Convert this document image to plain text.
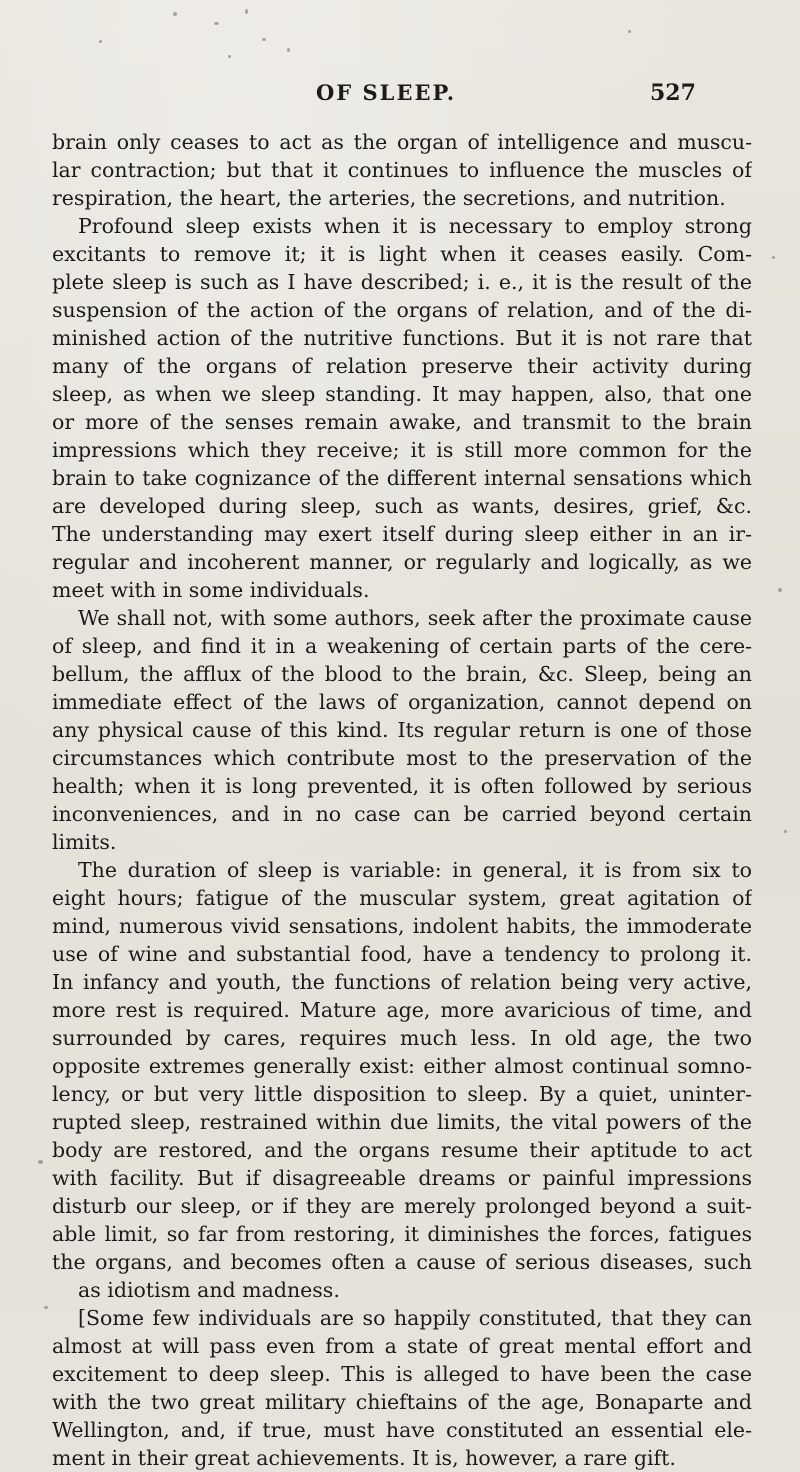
OF SLEEP.	527
brain only ceases to act as the organ of intelligence and muscu-
lar contraction; but that it continues to influence the muscles of
respiration, the heart, the arteries, the secretions, and nutrition.
Profound sleep exists when it is necessary to employ strong
excitants to remove it; it is light when it ceases easily. Com-
plete sleep is such as I have described; i. e., it is the result of the
suspension of the action of the organs of relation, and of the di-
minished action of the nutritive functions. But it is not rare that
many of the organs of relation preserve their activity during
sleep, as when we sleep standing. It may happen, also, that one
or more of the senses remain awake, and transmit to the brain
impressions which they receive; it is still more common for the
brain to take cognizance of the different internal sensations which
are developed during sleep, such as wants, desires, grief, &c.
The understanding may exert itself during sleep either in an ir-
regular and incoherent manner, or regularly and logically, as we
meet with in some individuals.
We shall not, with some authors, seek after the proximate cause
of sleep, and find it in a weakening of certain parts of the cere-
bellum, the afflux of the blood to the brain, &c. Sleep, being an
immediate effect of the laws of organization, cannot depend on
any physical cause of this kind. Its regular return is one of those
circumstances which contribute most to the preservation of the
health; when it is long prevented, it is often followed by serious
inconveniences, and in no case can be carried beyond certain
limits.
The duration of sleep is variable: in general, it is from six to
eight hours; fatigue of the muscular system, great agitation of
mind, numerous vivid sensations, indolent habits, the immoderate
use of wine and substantial food, have a tendency to prolong it.
In infancy and youth, the functions of relation being very active,
more rest is required. Mature age, more avaricious of time, and
surrounded by cares, requires much less. In old age, the two
opposite extremes generally exist: either almost continual somno-
lency, or but very little disposition to sleep. By a quiet, uninter-
rupted sleep, restrained within due limits, the vital powers of the
body are restored, and the organs resume their aptitude to act
with facility. But if disagreeable dreams or painful impressions
disturb our sleep, or if they are merely prolonged beyond a suit-
able limit, so far from restoring, it diminishes the forces, fatigues
the organs, and becomes often a cause of serious diseases, such
as idiotism and madness.
[Some few individuals are so happily constituted, that they can
almost at will pass even from a state of great mental effort and
excitement to deep sleep. This is alleged to have been the case
with the two great military chieftains of the age, Bonaparte and
Wellington, and, if true, must have constituted an essential ele-
ment in their great achievements. It is, however, a rare gift.
